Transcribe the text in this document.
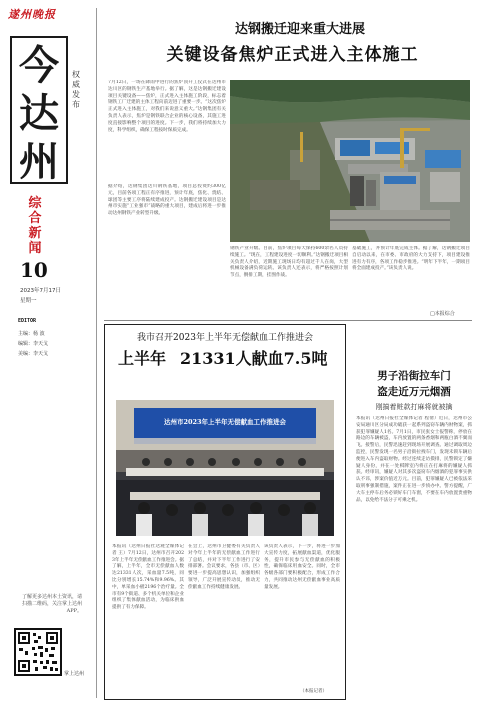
遂州晚报
今达州
权威发布
综合新闻
10
2023年7月17日
星期一
EDITOR
主编：杨 波
编辑：李天戈
美编：李天戈
了解更多达州本土资讯，请扫描二维码，关注掌上达州APP。
掌上达州
达钢搬迁迎来重大进展
关键设备焦炉正式进入主体施工
7月12日，一场在降雨中进行的焦炉顶开工仪式在达州市达川区的钢铁生产基地举行。据了解，这是达钢搬迁建设项目关键设备——焦炉，正式进入主体施工阶段，标志着钢铁工厂迁建的主体工程向前迈进了重要一步。“这次焦炉正式进入主体施工，对我们来说意义重大。”达钢集团有关负责人表示，焦炉是钢铁联合企业的核心设备，其施工进度直接影响整个项目的进度。下一步，我们将持续加大力度，科学组织，确保工程按时保质完成。
据介绍，达钢集团达川钢铁基地，项目总投资约300亿元，目前各项工程正有序推进，预计年底，焦化、烧结、球团等主要工序将陆续建成投产。达钢搬迁建设项目是达州市实施“工业强市”战略的重大项目，建成后将进一步推动达州钢铁产业转型升级。
钢铁产业升级。目前，焦炉项目每天保持600余名人员持续施工。“现在，工程建设进度一切顺利。”达钢搬迁项目相关负责人介绍，近期施工现场日均有超过千人在岗，大型机械设备满负荷运转。该负责人还表示，将严格按照计划节点，倒排工期，挂图作战。
基础施工，并预计年底完成主体。据了解，达钢搬迁项目自启动以来，在市委、市政府的大力支持下，项目建设推进有力有序，各项工作稳步推进。“明年下半年，一期项目将全面建成投产。”该负责人说。
□本报综合
我市召开2023年上半年无偿献血工作推进会
上半年 21331人献血7.5吨
达州市2023年上半年无偿献血工作推进会
本报讯（达州日报社达观全媒体记者 王）7月12日，达州市召开2023年上半年无偿献血工作推进会。据了解，上半年，全市无偿献血人数达21331人次，采血量7.5吨，同比分别增长15.74%和9.96%。其中，单采血小板2196个治疗量。全市有9个街道、多个机关单位和企业组织了集体献血活动，为临床供血提供了有力保障。
在会上，达州市卫健委有关负责人对今年上半年的无偿献血工作进行了总结，并对下半年工作进行了安排部署。会议要求，各县（市、区）要进一步提高思想认识，加强组织领导，广泛开展宣传动员，推动无偿献血工作持续健康发展。
该负责人表示，下一步，将进一步加大宣传力度，拓展献血渠道，优化服务，提升市民参与无偿献血的积极性，确保临床用血安全。同时，全市各级各部门要积极配合，形成工作合力，共同推动达州无偿献血事业高质量发展。
（本报记者）
男子沿街拉车门
盗走近万元烟酒
刚搞着赃款打麻将就被擒
本报讯（达州日报社全媒体记者 程倩）近日，达州市公安局通川区分局成功破获一起系列盗窃车辆内财物案，抓获犯罪嫌疑人1名。7月1日，市民张女士报警称，停放在路边的车辆被盗，车内放置的两条香烟和两瓶白酒不翼而飞。接警后，民警迅速赶到现场开展调查。通过调取周边监控，民警发现一名男子沿街拉拽车门，发现未锁车辆后便进入车内盗取财物。经过连续走访摸排，民警锁定了嫌疑人身份，并在一处棋牌室内将正在打麻将的嫌疑人抓获。经审讯，嫌疑人对其多次盗窃车内烟酒的犯罪事实供认不讳，涉案价值近万元。目前，犯罪嫌疑人已被依法采取刑事强制措施，案件正在进一步侦办中。警方提醒，广大车主停车后务必锁好车门车窗，不要在车内放置贵重物品，以免给不法分子可乘之机。
